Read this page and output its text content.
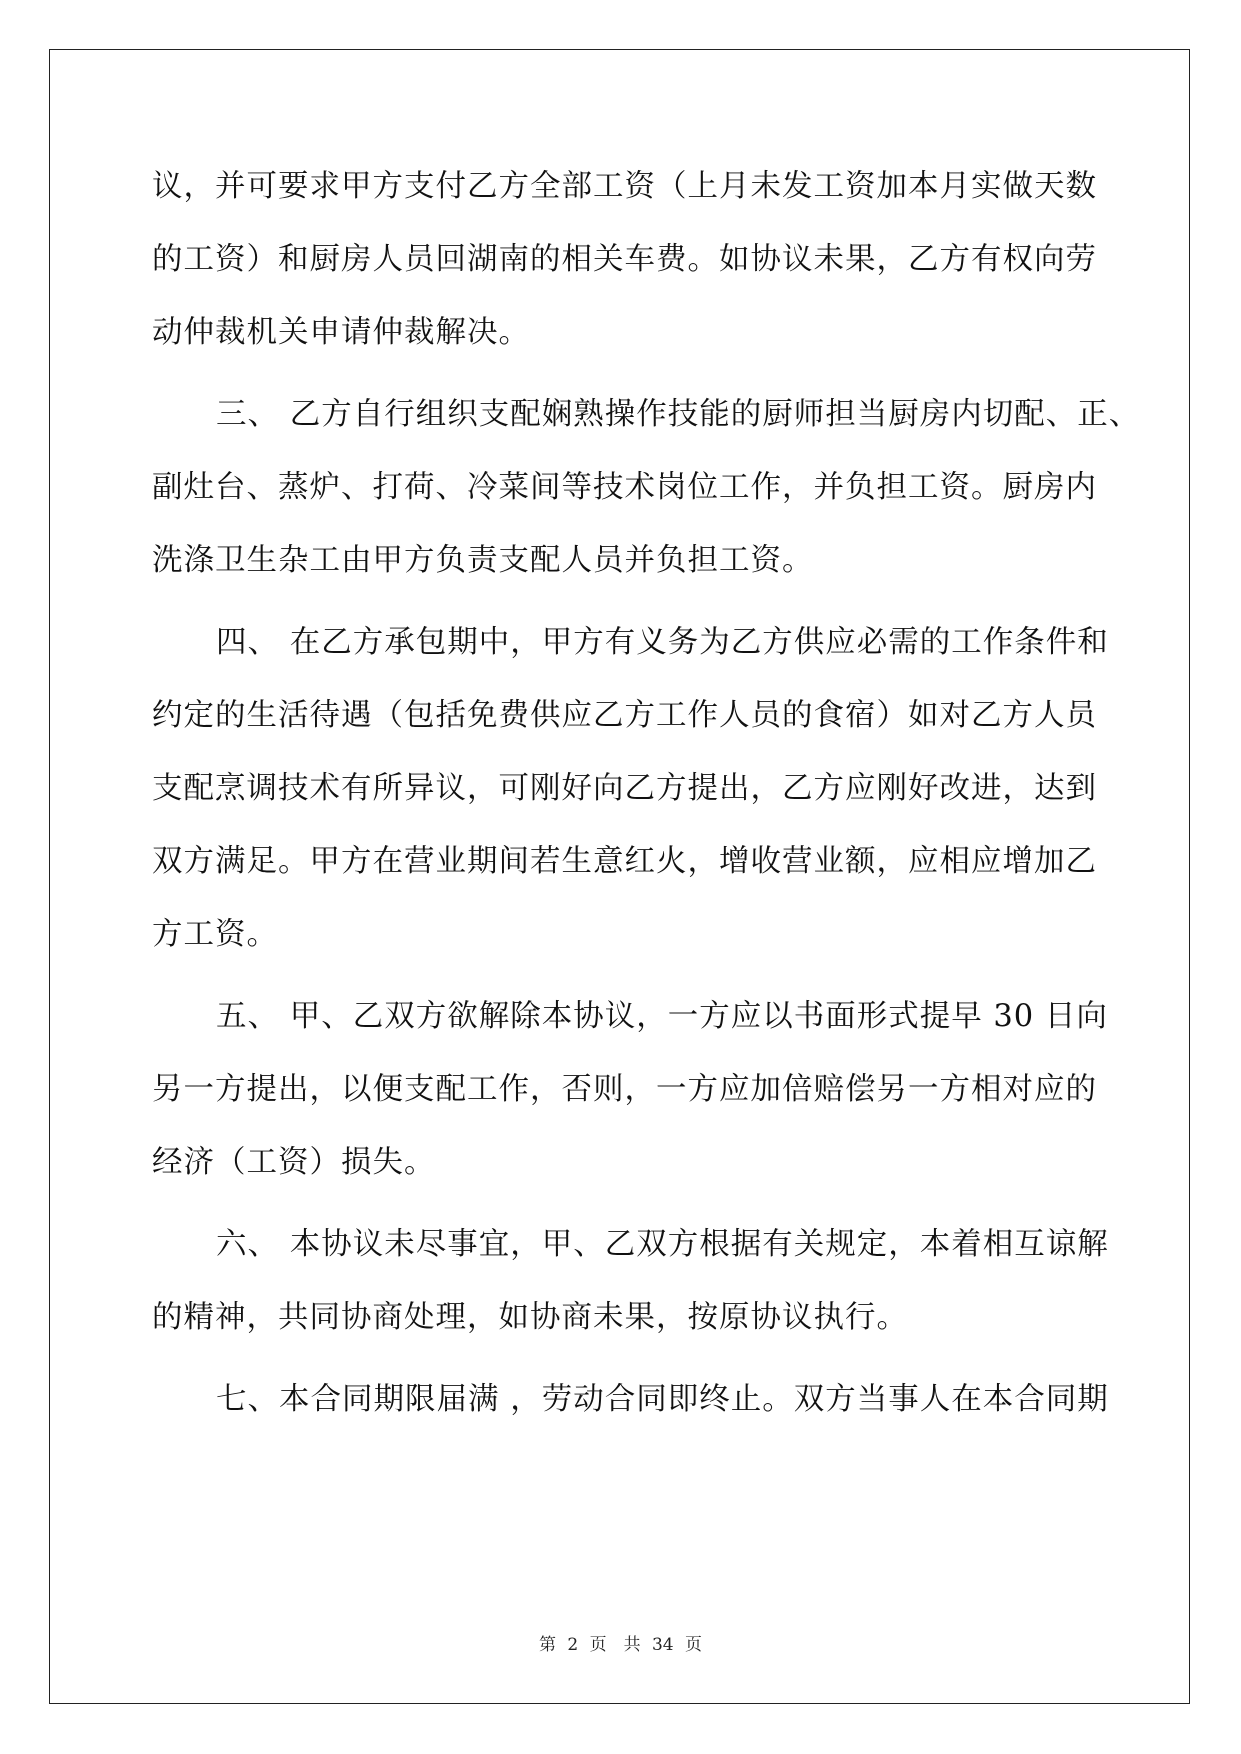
议，并可要求甲方支付乙方全部工资（上月未发工资加本月实做天数
的工资）和厨房人员回湖南的相关车费。如协议未果，乙方有权向劳
动仲裁机关申请仲裁解决。
三、 乙方自行组织支配娴熟操作技能的厨师担当厨房内切配、正、
副灶台、蒸炉、打荷、冷菜间等技术岗位工作，并负担工资。厨房内
洗涤卫生杂工由甲方负责支配人员并负担工资。
四、 在乙方承包期中，甲方有义务为乙方供应必需的工作条件和
约定的生活待遇（包括免费供应乙方工作人员的食宿）如对乙方人员
支配烹调技术有所异议，可刚好向乙方提出，乙方应刚好改进，达到
双方满足。甲方在营业期间若生意红火，增收营业额，应相应增加乙
方工资。
五、 甲、乙双方欲解除本协议，一方应以书面形式提早 30 日向
另一方提出，以便支配工作，否则，一方应加倍赔偿另一方相对应的
经济（工资）损失。
六、 本协议未尽事宜，甲、乙双方根据有关规定，本着相互谅解
的精神，共同协商处理，如协商未果，按原协议执行。
七、本合同期限届满 ，劳动合同即终止。双方当事人在本合同期
第 2 页　共 34 页
